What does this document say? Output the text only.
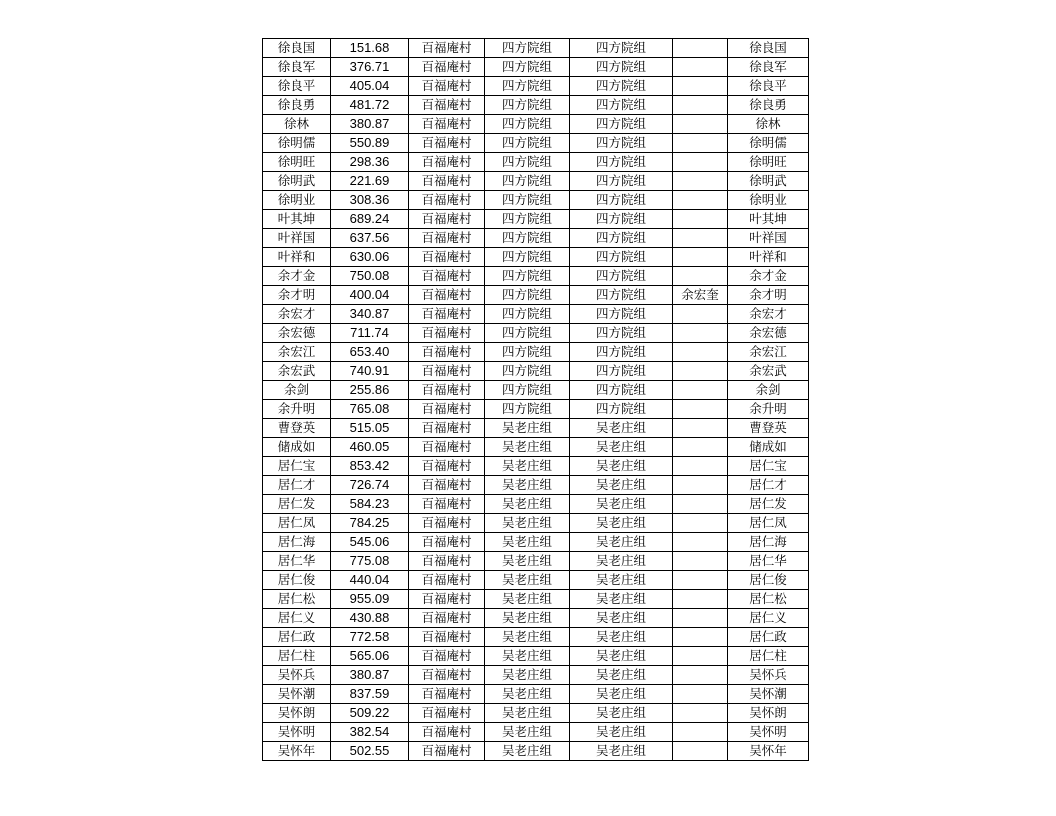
徐良国	151.68	百福庵村	四方院组	四方院组		徐良国
徐良军	376.71	百福庵村	四方院组	四方院组		徐良军
徐良平	405.04	百福庵村	四方院组	四方院组		徐良平
徐良勇	481.72	百福庵村	四方院组	四方院组		徐良勇
徐林	380.87	百福庵村	四方院组	四方院组		徐林
徐明儒	550.89	百福庵村	四方院组	四方院组		徐明儒
徐明旺	298.36	百福庵村	四方院组	四方院组		徐明旺
徐明武	221.69	百福庵村	四方院组	四方院组		徐明武
徐明业	308.36	百福庵村	四方院组	四方院组		徐明业
叶其坤	689.24	百福庵村	四方院组	四方院组		叶其坤
叶祥国	637.56	百福庵村	四方院组	四方院组		叶祥国
叶祥和	630.06	百福庵村	四方院组	四方院组		叶祥和
余才金	750.08	百福庵村	四方院组	四方院组		余才金
余才明	400.04	百福庵村	四方院组	四方院组	余宏奎	余才明
余宏才	340.87	百福庵村	四方院组	四方院组		余宏才
余宏德	711.74	百福庵村	四方院组	四方院组		余宏德
余宏江	653.40	百福庵村	四方院组	四方院组		余宏江
余宏武	740.91	百福庵村	四方院组	四方院组		余宏武
余剑	255.86	百福庵村	四方院组	四方院组		余剑
余升明	765.08	百福庵村	四方院组	四方院组		余升明
曹登英	515.05	百福庵村	吴老庄组	吴老庄组		曹登英
储成如	460.05	百福庵村	吴老庄组	吴老庄组		储成如
居仁宝	853.42	百福庵村	吴老庄组	吴老庄组		居仁宝
居仁才	726.74	百福庵村	吴老庄组	吴老庄组		居仁才
居仁发	584.23	百福庵村	吴老庄组	吴老庄组		居仁发
居仁凤	784.25	百福庵村	吴老庄组	吴老庄组		居仁凤
居仁海	545.06	百福庵村	吴老庄组	吴老庄组		居仁海
居仁华	775.08	百福庵村	吴老庄组	吴老庄组		居仁华
居仁俊	440.04	百福庵村	吴老庄组	吴老庄组		居仁俊
居仁松	955.09	百福庵村	吴老庄组	吴老庄组		居仁松
居仁义	430.88	百福庵村	吴老庄组	吴老庄组		居仁义
居仁政	772.58	百福庵村	吴老庄组	吴老庄组		居仁政
居仁柱	565.06	百福庵村	吴老庄组	吴老庄组		居仁柱
吴怀兵	380.87	百福庵村	吴老庄组	吴老庄组		吴怀兵
吴怀潮	837.59	百福庵村	吴老庄组	吴老庄组		吴怀潮
吴怀朗	509.22	百福庵村	吴老庄组	吴老庄组		吴怀朗
吴怀明	382.54	百福庵村	吴老庄组	吴老庄组		吴怀明
吴怀年	502.55	百福庵村	吴老庄组	吴老庄组		吴怀年
